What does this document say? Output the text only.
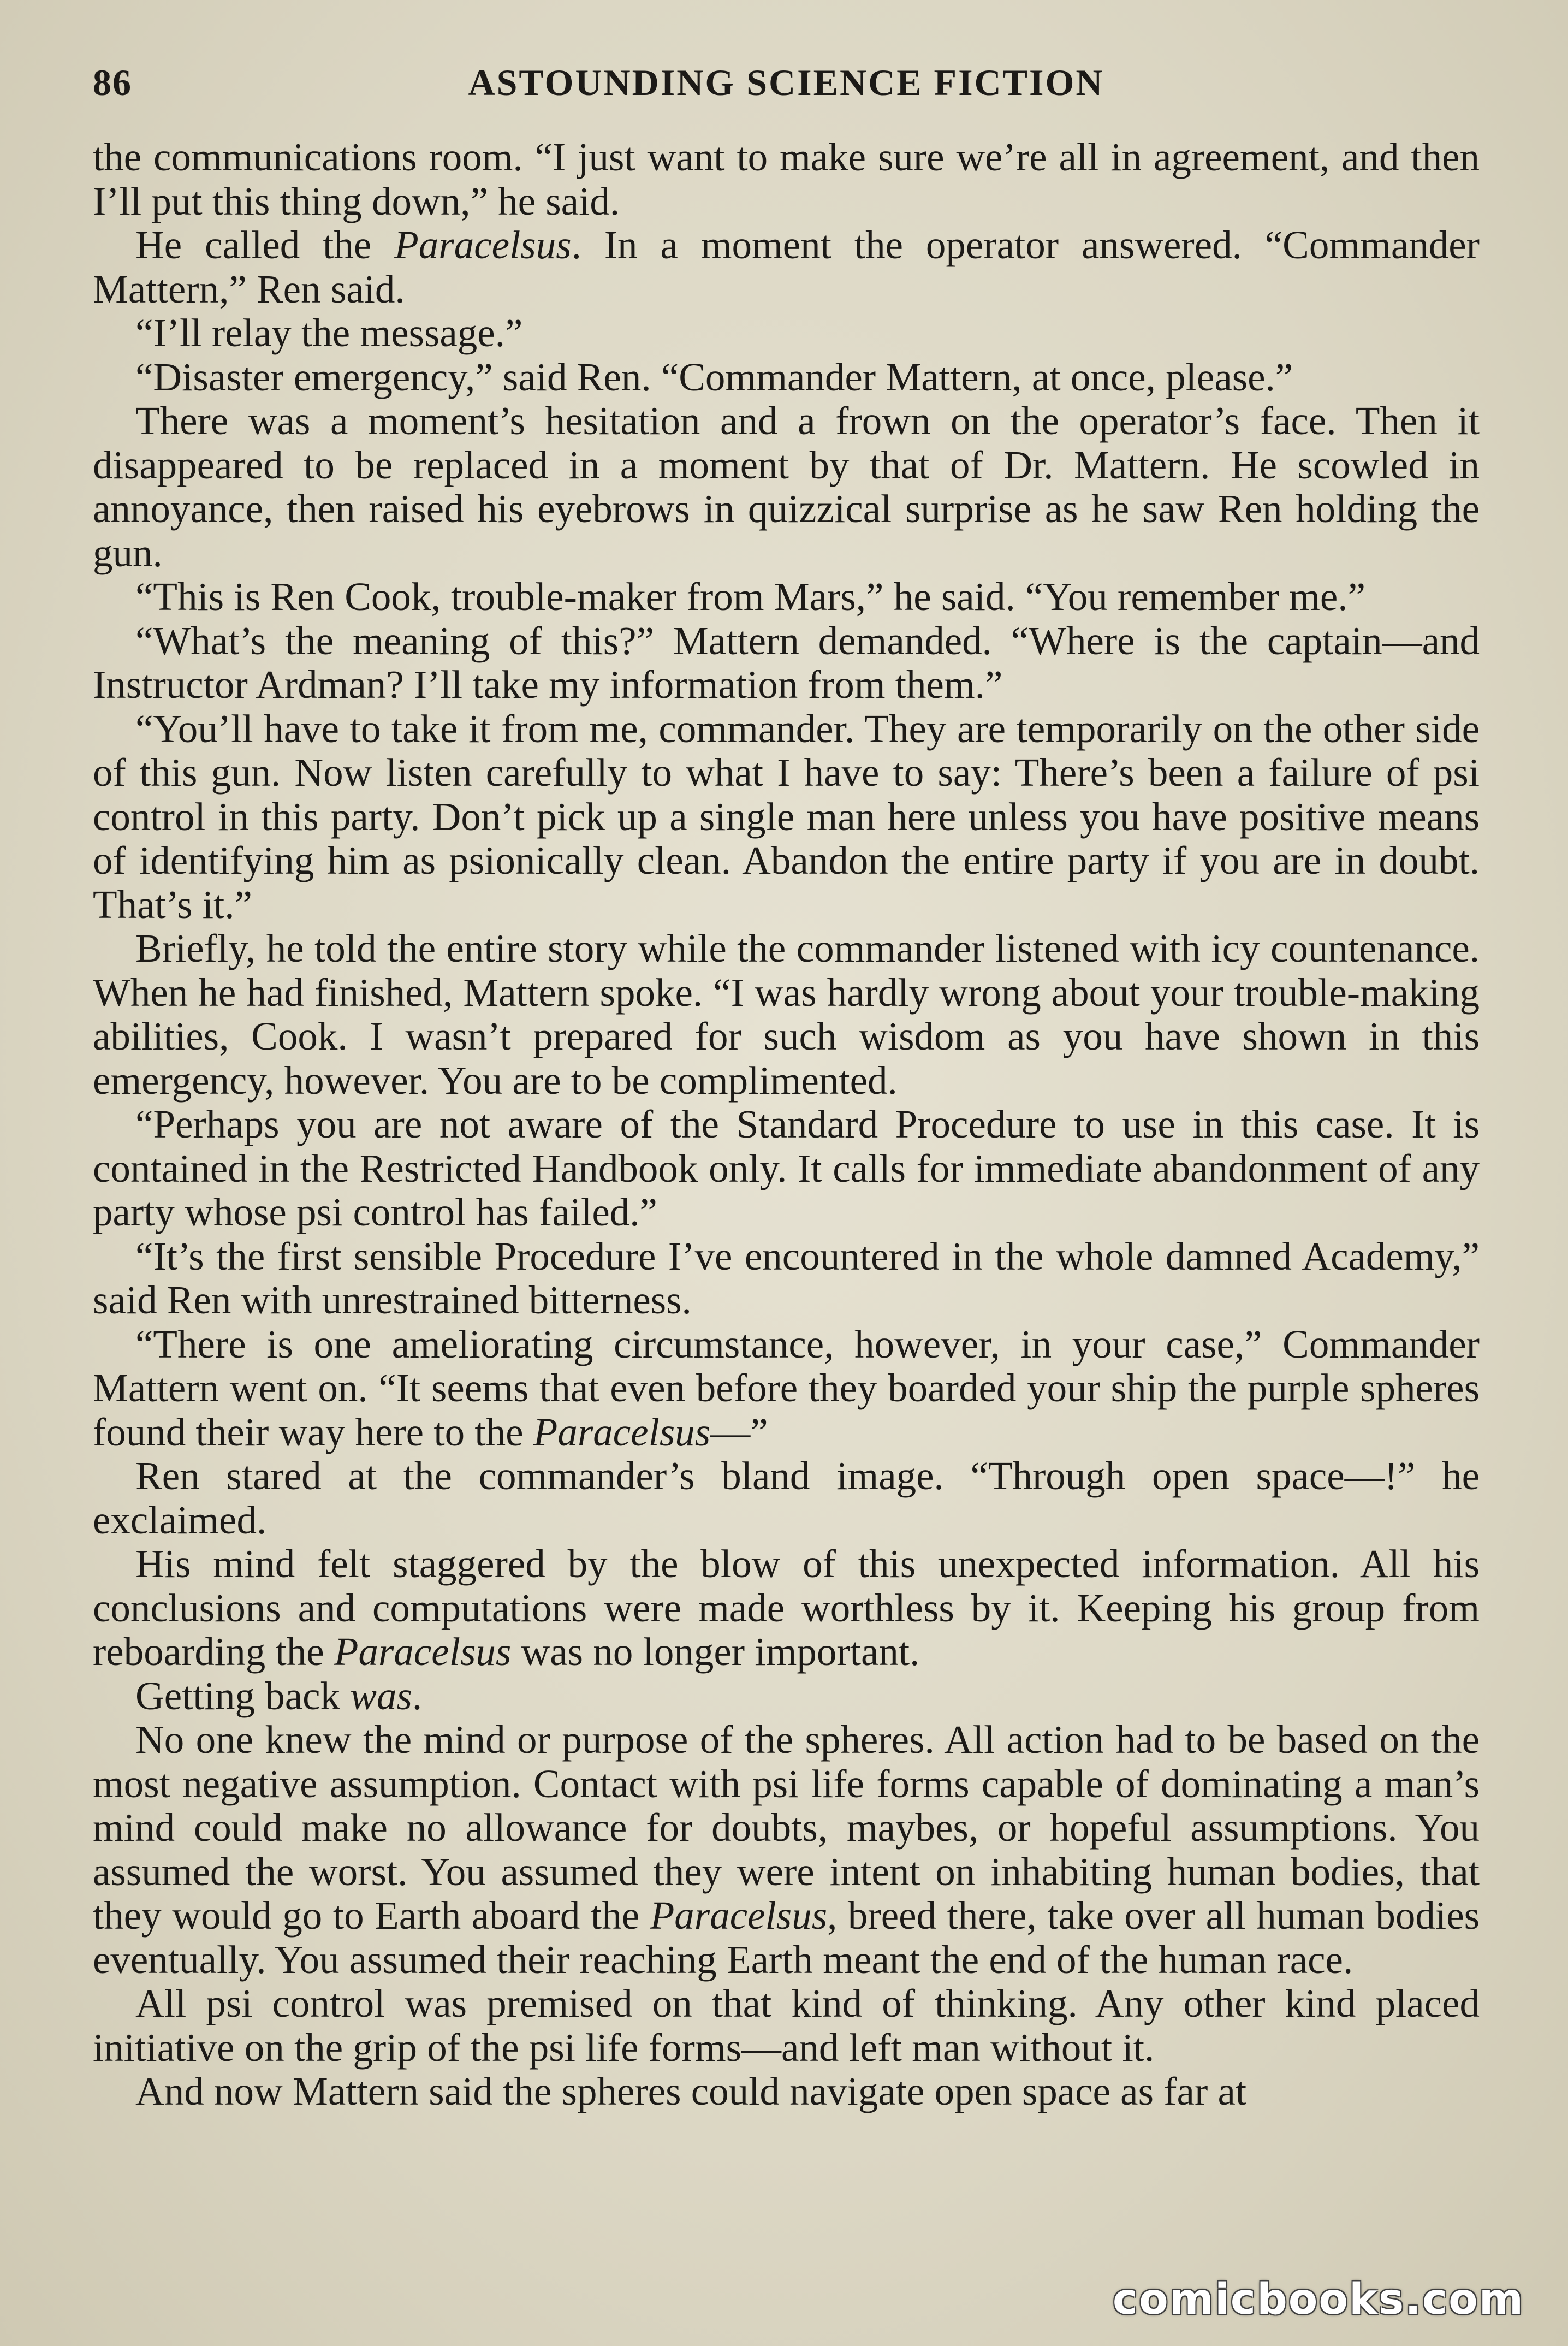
86	ASTOUNDING SCIENCE FICTION

the communications room. “I just want to make sure we’re all in agreement, and then I’ll put this thing down,” he said.

He called the Paracelsus. In a moment the operator answered. “Commander Mattern,” Ren said.

“I’ll relay the message.”

“Disaster emergency,” said Ren. “Commander Mattern, at once, please.”

There was a moment’s hesitation and a frown on the operator’s face. Then it disappeared to be replaced in a moment by that of Dr. Mattern. He scowled in annoyance, then raised his eyebrows in quizzical surprise as he saw Ren holding the gun.

“This is Ren Cook, trouble-maker from Mars,” he said. “You remember me.”

“What’s the meaning of this?” Mattern demanded. “Where is the captain—and Instructor Ardman? I’ll take my information from them.”

“You’ll have to take it from me, commander. They are temporarily on the other side of this gun. Now listen carefully to what I have to say: There’s been a failure of psi control in this party. Don’t pick up a single man here unless you have positive means of identifying him as psionically clean. Abandon the entire party if you are in doubt. That’s it.”

Briefly, he told the entire story while the commander listened with icy countenance. When he had finished, Mattern spoke. “I was hardly wrong about your trouble-making abilities, Cook. I wasn’t prepared for such wisdom as you have shown in this emergency, however. You are to be complimented.

“Perhaps you are not aware of the Standard Procedure to use in this case. It is contained in the Restricted Handbook only. It calls for immediate abandonment of any party whose psi control has failed.”

“It’s the first sensible Procedure I’ve encountered in the whole damned Academy,” said Ren with unrestrained bitterness.

“There is one ameliorating circumstance, however, in your case,” Commander Mattern went on. “It seems that even before they boarded your ship the purple spheres found their way here to the Paracelsus—”

Ren stared at the commander’s bland image. “Through open space—!” he exclaimed.

His mind felt staggered by the blow of this unexpected information. All his conclusions and computations were made worthless by it. Keeping his group from reboarding the Paracelsus was no longer important.

Getting back was.

No one knew the mind or purpose of the spheres. All action had to be based on the most negative assumption. Contact with psi life forms capable of dominating a man’s mind could make no allowance for doubts, maybes, or hopeful assumptions. You assumed the worst. You assumed they were intent on inhabiting human bodies, that they would go to Earth aboard the Paracelsus, breed there, take over all human bodies eventually. You assumed their reaching Earth meant the end of the human race.

All psi control was premised on that kind of thinking. Any other kind placed initiative on the grip of the psi life forms—and left man without it.

And now Mattern said the spheres could navigate open space as far at

comicbooks.com
